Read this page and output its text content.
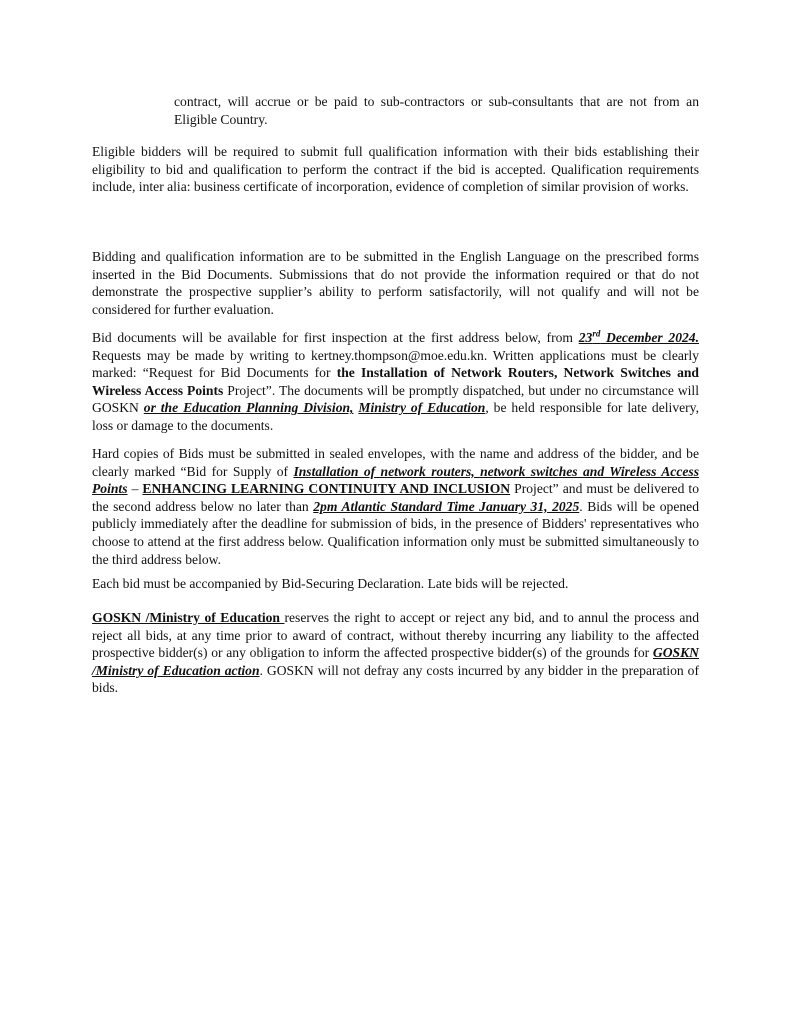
contract, will accrue or be paid to sub-contractors or sub-consultants that are not from an Eligible Country.

Eligible bidders will be required to submit full qualification information with their bids establishing their eligibility to bid and qualification to perform the contract if the bid is accepted. Qualification requirements include, inter alia: business certificate of incorporation, evidence of completion of similar provision of works.

Bidding and qualification information are to be submitted in the English Language on the prescribed forms inserted in the Bid Documents. Submissions that do not provide the information required or that do not demonstrate the prospective supplier’s ability to perform satisfactorily, will not qualify and will not be considered for further evaluation.

Bid documents will be available for first inspection at the first address below, from 23rd December 2024. Requests may be made by writing to kertney.thompson@moe.edu.kn. Written applications must be clearly marked: “Request for Bid Documents for the Installation of Network Routers, Network Switches and Wireless Access Points Project”. The documents will be promptly dispatched, but under no circumstance will GOSKN or the Education Planning Division, Ministry of Education, be held responsible for late delivery, loss or damage to the documents.

Hard copies of Bids must be submitted in sealed envelopes, with the name and address of the bidder, and be clearly marked “Bid for Supply of Installation of network routers, network switches and Wireless Access Points – ENHANCING LEARNING CONTINUITY AND INCLUSION Project” and must be delivered to the second address below no later than 2pm Atlantic Standard Time January 31, 2025. Bids will be opened publicly immediately after the deadline for submission of bids, in the presence of Bidders' representatives who choose to attend at the first address below. Qualification information only must be submitted simultaneously to the third address below.

Each bid must be accompanied by Bid-Securing Declaration. Late bids will be rejected.

GOSKN /Ministry of Education reserves the right to accept or reject any bid, and to annul the process and reject all bids, at any time prior to award of contract, without thereby incurring any liability to the affected prospective bidder(s) or any obligation to inform the affected prospective bidder(s) of the grounds for GOSKN /Ministry of Education action. GOSKN will not defray any costs incurred by any bidder in the preparation of bids.
